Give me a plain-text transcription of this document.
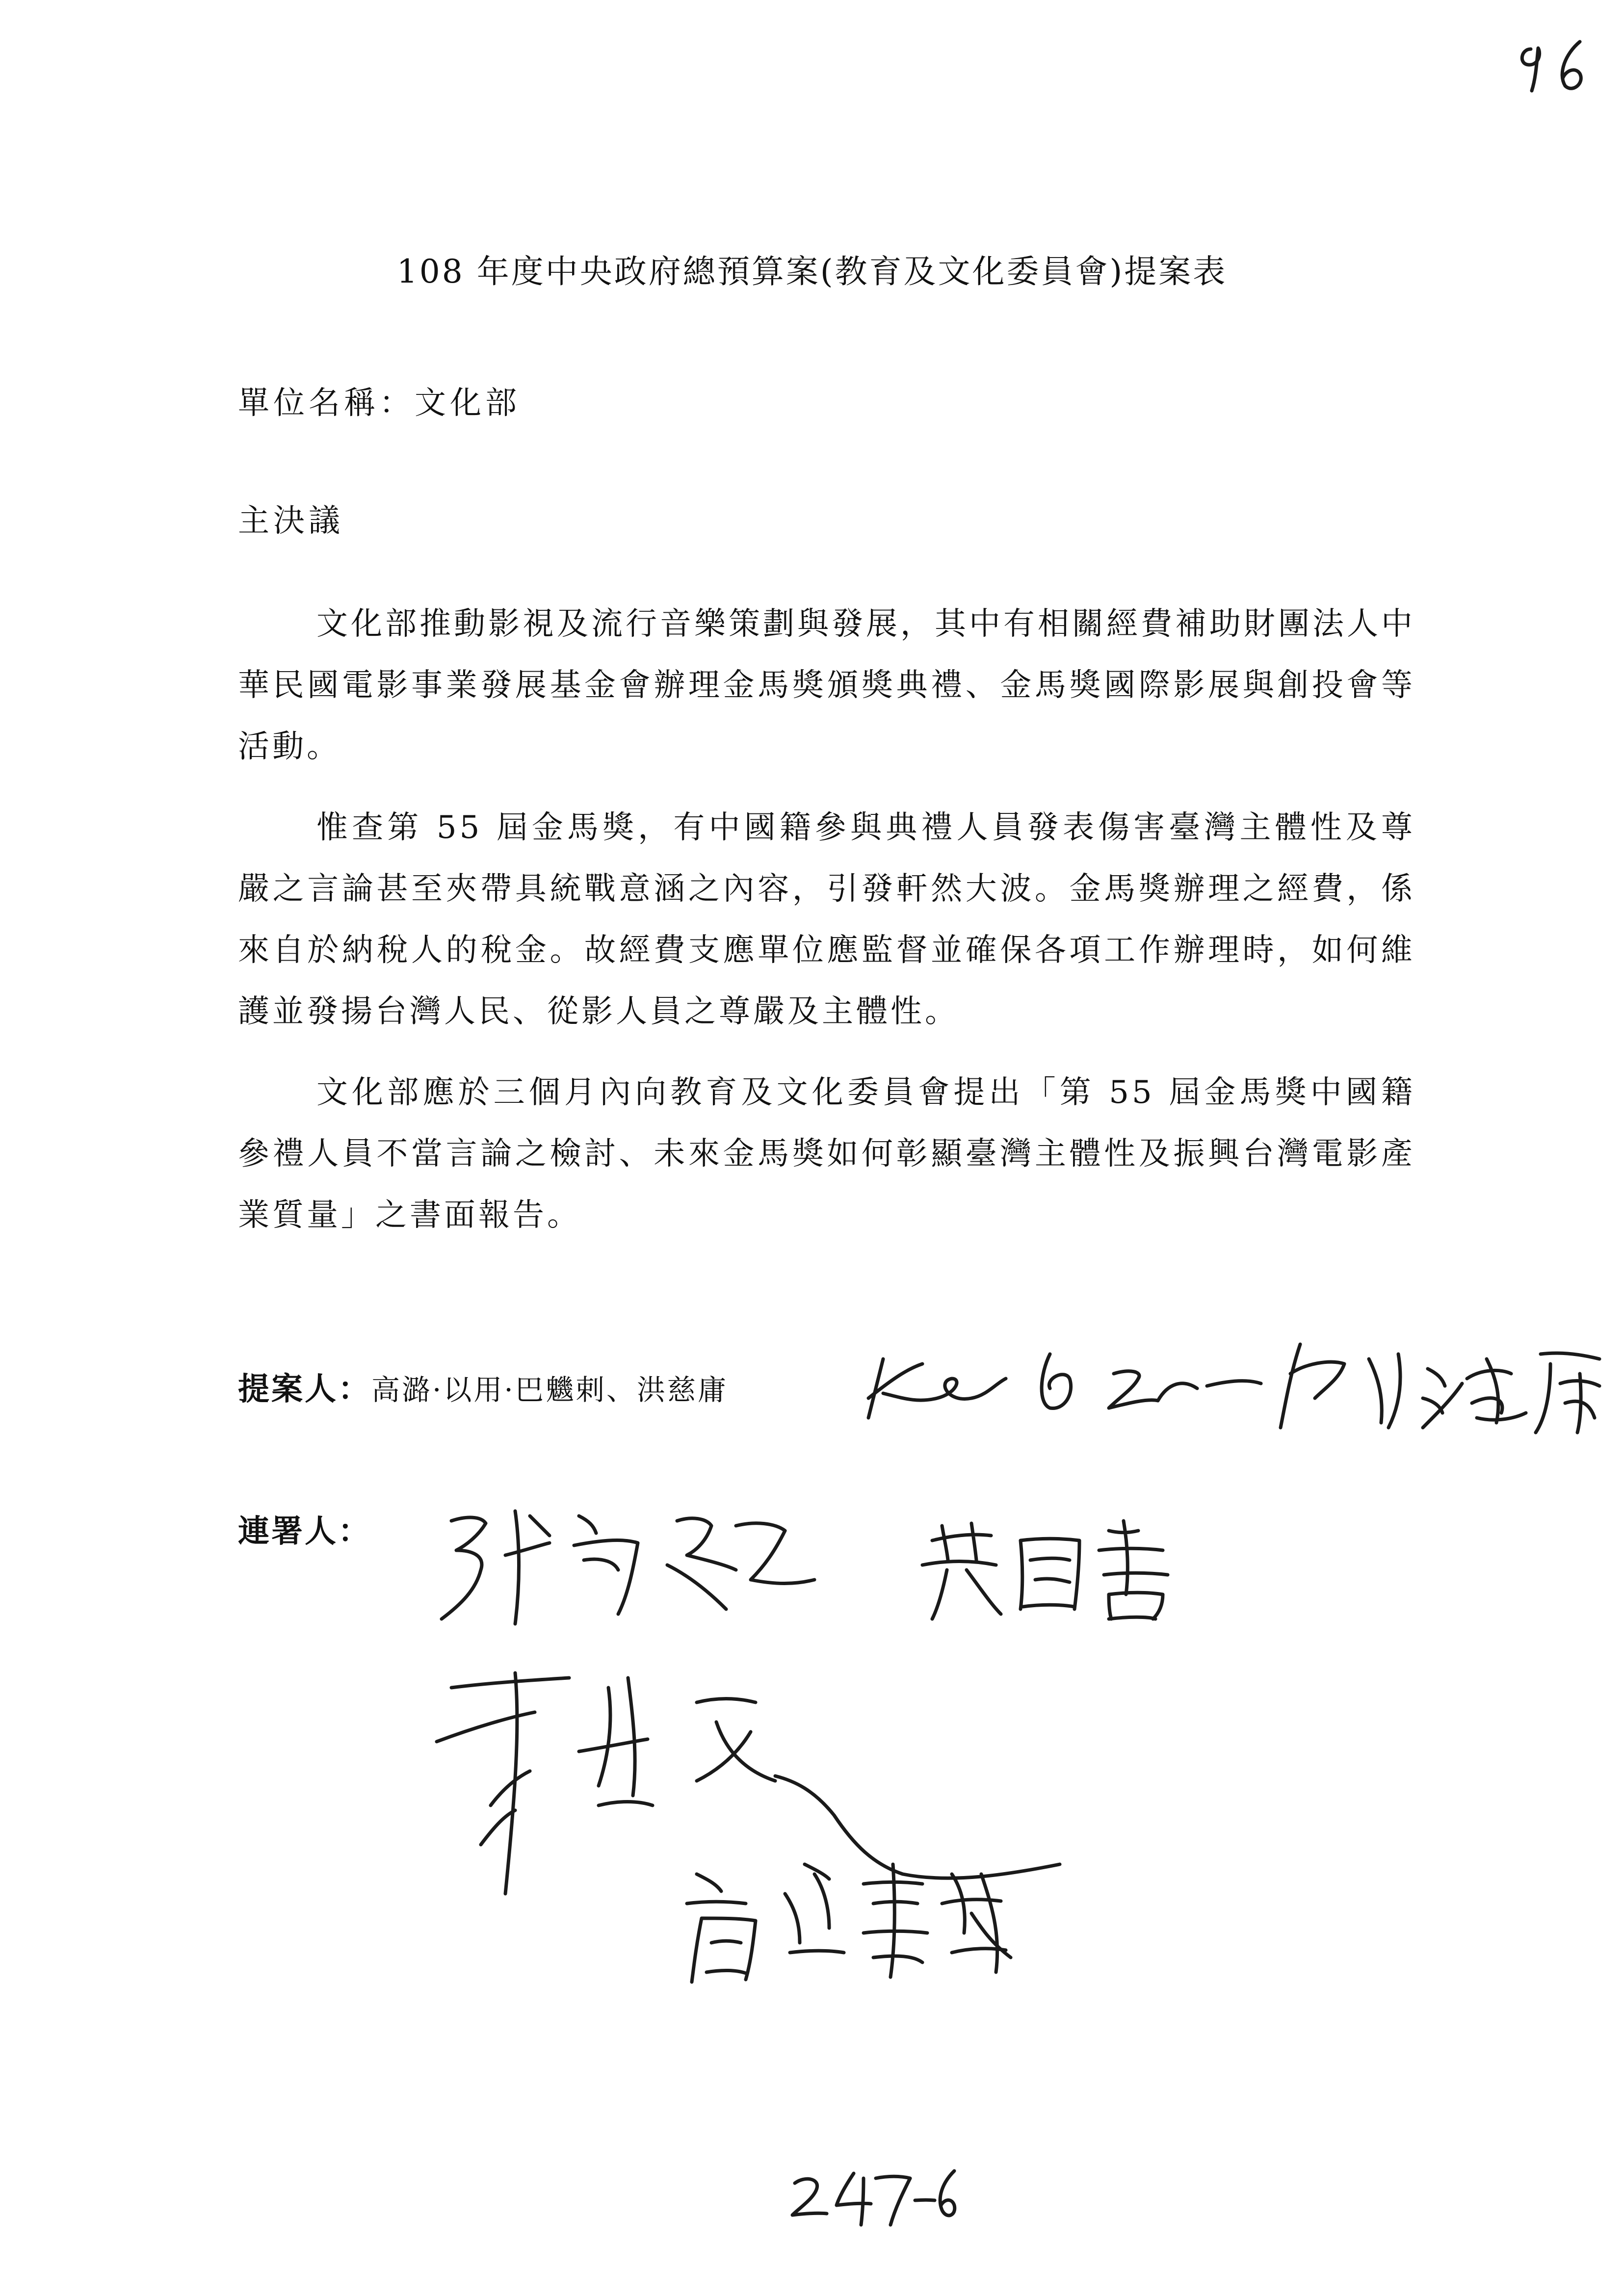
108 年度中央政府總預算案(教育及文化委員會)提案表

單位名稱：文化部

主決議

文化部推動影視及流行音樂策劃與發展，其中有相關經費補助財團法人中華民國電影事業發展基金會辦理金馬獎頒獎典禮、金馬獎國際影展與創投會等活動。

惟查第 55 屆金馬獎，有中國籍參與典禮人員發表傷害臺灣主體性及尊嚴之言論甚至夾帶具統戰意涵之內容，引發軒然大波。金馬獎辦理之經費，係來自於納稅人的稅金。故經費支應單位應監督並確保各項工作辦理時，如何維護並發揚台灣人民、從影人員之尊嚴及主體性。

文化部應於三個月內向教育及文化委員會提出「第 55 屆金馬獎中國籍參禮人員不當言論之檢討、未來金馬獎如何彰顯臺灣主體性及振興台灣電影產業質量」之書面報告。

提案人：高潞·以用·巴魕剌、洪慈庸

連署人：
